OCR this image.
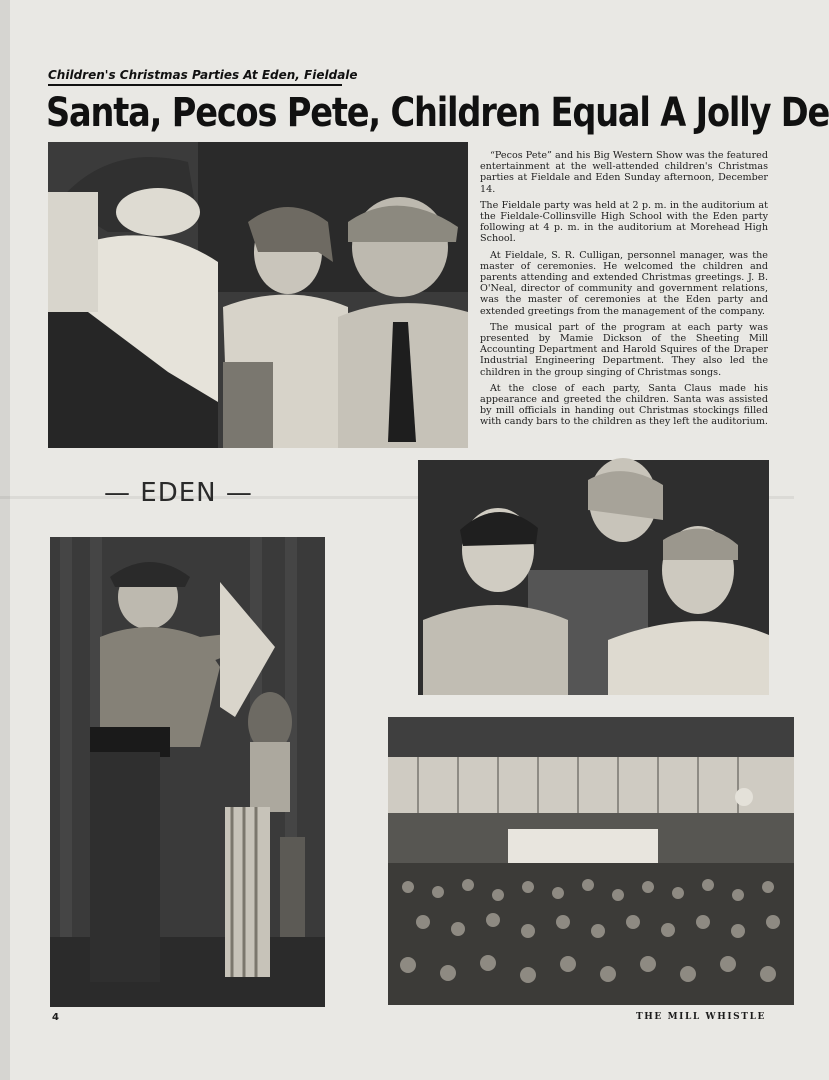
Children's Christmas Parties At Eden, Fieldale
Santa, Pecos Pete, Children Equal A Jolly De

“Pecos Pete” and his Big Western Show was the featured entertainment at the well-attended children's Christmas parties at Fieldale and Eden Sunday afternoon, December 14.

The Fieldale party was held at 2 p. m. in the auditorium at the Fieldale-Collinsville High School with the Eden party following at 4 p. m. in the auditorium at Morehead High School.

At Fieldale, S. R. Culligan, personnel manager, was the master of ceremonies. He welcomed the children and parents attending and extended Christmas greetings. J. B. O'Neal, director of community and government relations, was the master of ceremonies at the Eden party and extended greetings from the management of the company.

The musical part of the program at each party was presented by Mamie Dickson of the Sheeting Mill Accounting Department and Harold Squires of the Draper Industrial Engineering Department. They also led the children in the group singing of Christmas songs.

At the close of each party, Santa Claus made his appearance and greeted the children. Santa was assisted by mill officials in handing out Christmas stockings filled with candy bars to the children as they left the auditorium.

— EDEN —
4	THE MILL WHISTLE
